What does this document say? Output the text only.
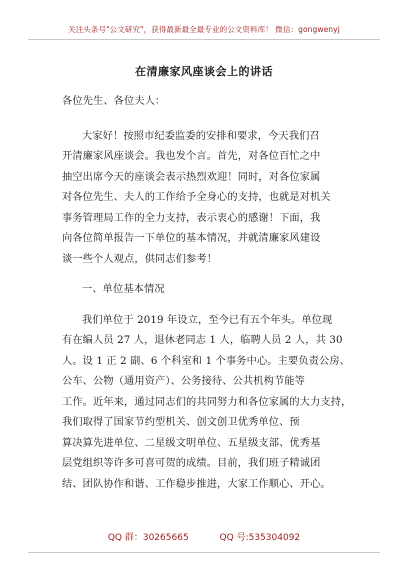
关注头条号"公文研究"，获得最新最全最专业的公文资料库！ 微信：gongwenyj
在清廉家风座谈会上的讲话
各位先生、各位夫人：
大家好！按照市纪委监委的安排和要求，今天我们召
开清廉家风座谈会。我也发个言。首先，对各位百忙之中
抽空出席今天的座谈会表示热烈欢迎！同时，对各位家属
对各位先生、夫人的工作给予全身心的支持，也就是对机关
事务管理局工作的全力支持，表示衷心的感谢！下面，我
向各位简单报告一下单位的基本情况，并就清廉家风建设
谈一些个人观点，供同志们参考！
一、单位基本情况
我们单位于 2019 年设立，至今已有五个年头。单位现
有在编人员 27 人，退休老同志 1 人，临聘人员 2 人，共 30
人。设 1 正 2 副、6 个科室和 1 个事务中心。主要负责公房、
公车、公物（通用资产）、公务接待、公共机构节能等
工作。近年来，通过同志们的共同努力和各位家属的大力支持，
我们取得了国家节约型机关、创文创卫优秀单位、预
算决算先进单位、二星级文明单位、五星级支部、优秀基
层党组织等许多可喜可贺的成绩。目前，我们班子精诚团
结、团队协作和谐、工作稳步推进，大家工作顺心、开心。
QQ 群：30265665	QQ 号:535304092
